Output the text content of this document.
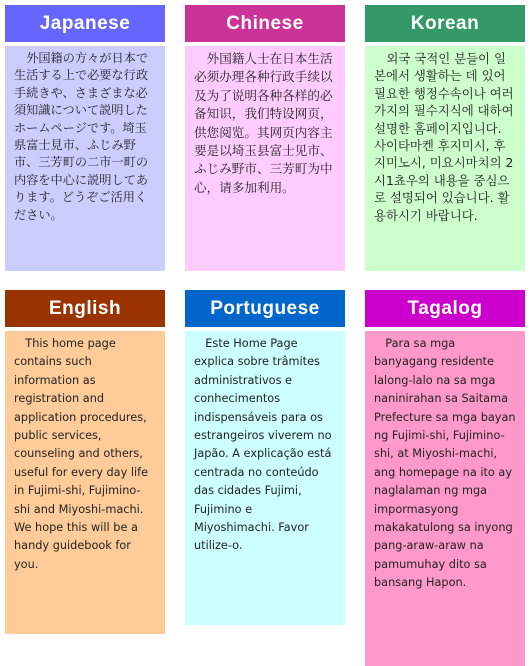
Japanese
外国籍の方々が日本で生活する上で必要な行政手続きや、さまざまな必須知識について説明したホームページです。埼玉県富士見市、ふじみ野市、三芳町の二市一町の内容を中心に説明してあります。どうぞご活用ください。
Chinese
外国籍人士在日本生活必须办理各种行政手续以及为了说明各种各样的必备知识，我们特设网页，供您阅览。其网页内容主要是以埼玉县富士见市、ふじみ野市、三芳町为中心，请多加利用。
Korean
외국 국적인 분들이 일본에서 생활하는 데 있어 필요한 행정수속이나 여러가지의 필수지식에 대하여 설명한 홈페이지입니다. 사이타마켄 후지미시, 후지미노시, 미요시마치의 2시1쵸우의 내용을 중심으로 설명되어 있습니다. 활용하시기 바랍니다.
English
This home page contains such information as registration and application procedures, public services, counseling and others, useful for every day life in Fujimi-shi, Fujimino-shi and Miyoshi-machi. We hope this will be a handy guidebook for you.
Portuguese
Este Home Page explica sobre trâmites administrativos e conhecimentos indispensáveis para os estrangeiros viverem no Japão. A explicação está centrada no conteúdo das cidades Fujimi, Fujimino e Miyoshimachi. Favor utilize-o.
Tagalog
Para sa mga banyagang residente lalong-lalo na sa mga naninirahan sa Saitama Prefecture sa mga bayan ng Fujimi-shi, Fujimino-shi, at Miyoshi-machi, ang homepage na ito ay naglalaman ng mga impormasyong makakatulong sa inyong pang-araw-araw na pamumuhay dito sa bansang Hapon.
